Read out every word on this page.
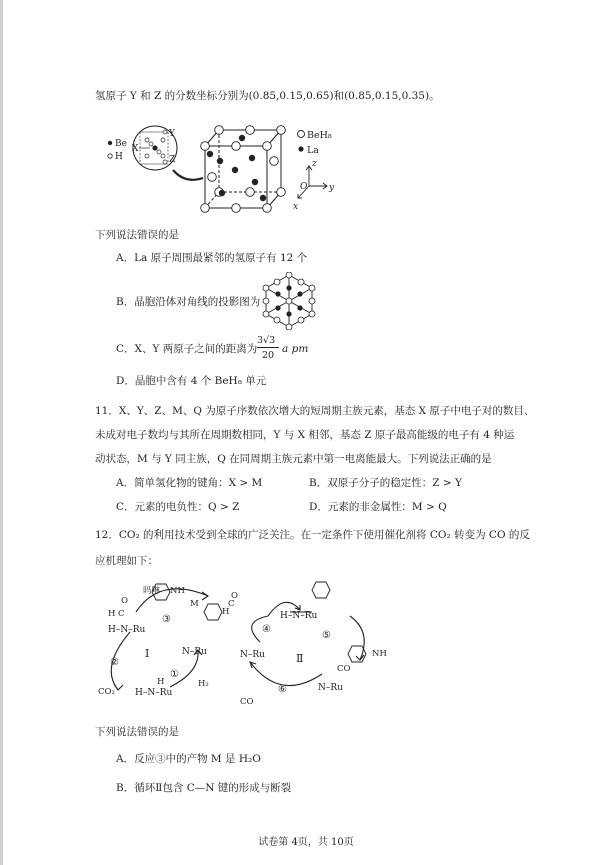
氢原子 Y 和 Z 的分数坐标分别为(0.85,0.15,0.65)和(0.85,0.15,0.35)。
Be
H
X
Y
Z
BeH₈
La
z
O y
x
下列说法错误的是
A．La 原子周围最紧邻的氢原子有 12 个
B．晶胞沿体对角线的投影图为
C．X、Y 两原子之间的距离为
3√3
20
a pm
D．晶胞中含有 4 个 BeH₈ 单元
11．X、Y、Z、M、Q 为原子序数依次增大的短周期主族元素，基态 X 原子中电子对的数目、
未成对电子数均与其所在周期数相同，Y 与 X 相邻，基态 Z 原子最高能级的电子有 4 种运
动状态，M 与 Y 同主族，Q 在同周期主族元素中第一电离能最大。下列说法正确的是
A．简单氢化物的键角：X > M	B．双原子分子的稳定性：Z > Y
C．元素的电负性：Q > Z	D．元素的非金属性：M > Q
12．CO₂ 的利用技术受到全球的广泛关注。在一定条件下使用催化剂将 CO₂ 转变为 CO 的反
应机理如下：
H–N–Ru
N–Ru
H–N–Ru
N–Ru
H–N–Ru
N–Ru
O
C
H
NH
M
O
C
H
CO
H₂
CO₂
CO
H
NH
吗啉
①
②
③
④
⑤
⑥
Ⅰ	Ⅱ
下列说法错误的是
A．反应③中的产物 M 是 H₂O
B．循环Ⅱ包含 C—N 键的形成与断裂
试卷第 4页，共 10页
